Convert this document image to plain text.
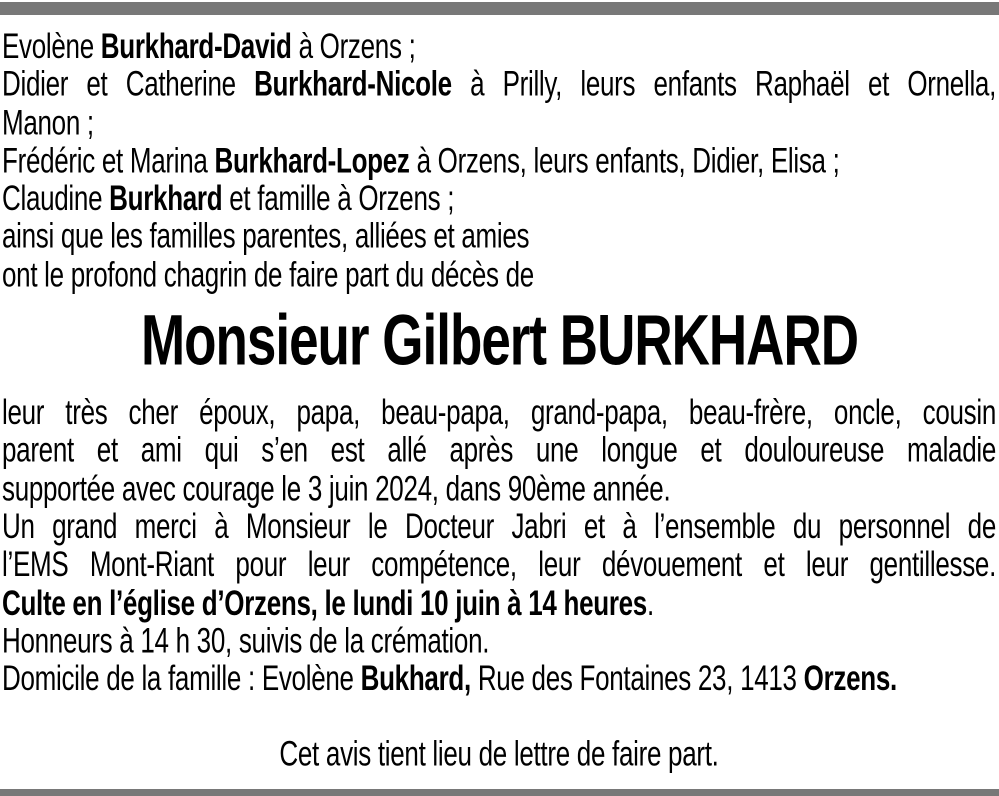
Evolène Burkhard-David à Orzens ;
Didier et Catherine Burkhard-Nicole à Prilly, leurs enfants Raphaël et Ornella,
Manon ;
Frédéric et Marina Burkhard-Lopez à Orzens, leurs enfants, Didier, Elisa ;
Claudine Burkhard et famille à Orzens ;
ainsi que les familles parentes, alliées et amies
ont le profond chagrin de faire part du décès de
Monsieur Gilbert BURKHARD
leur très cher époux, papa, beau-papa, grand-papa, beau-frère, oncle, cousin
parent et ami qui s’en est allé après une longue et douloureuse maladie
supportée avec courage le 3 juin 2024, dans 90ème année.
Un grand merci à Monsieur le Docteur Jabri et à l’ensemble du personnel de
l’EMS Mont-Riant pour leur compétence, leur dévouement et leur gentillesse.
Culte en l’église d’Orzens, le lundi 10 juin à 14 heures.
Honneurs à 14 h 30, suivis de la crémation.
Domicile de la famille : Evolène Bukhard, Rue des Fontaines 23, 1413 Orzens.
Cet avis tient lieu de lettre de faire part.
